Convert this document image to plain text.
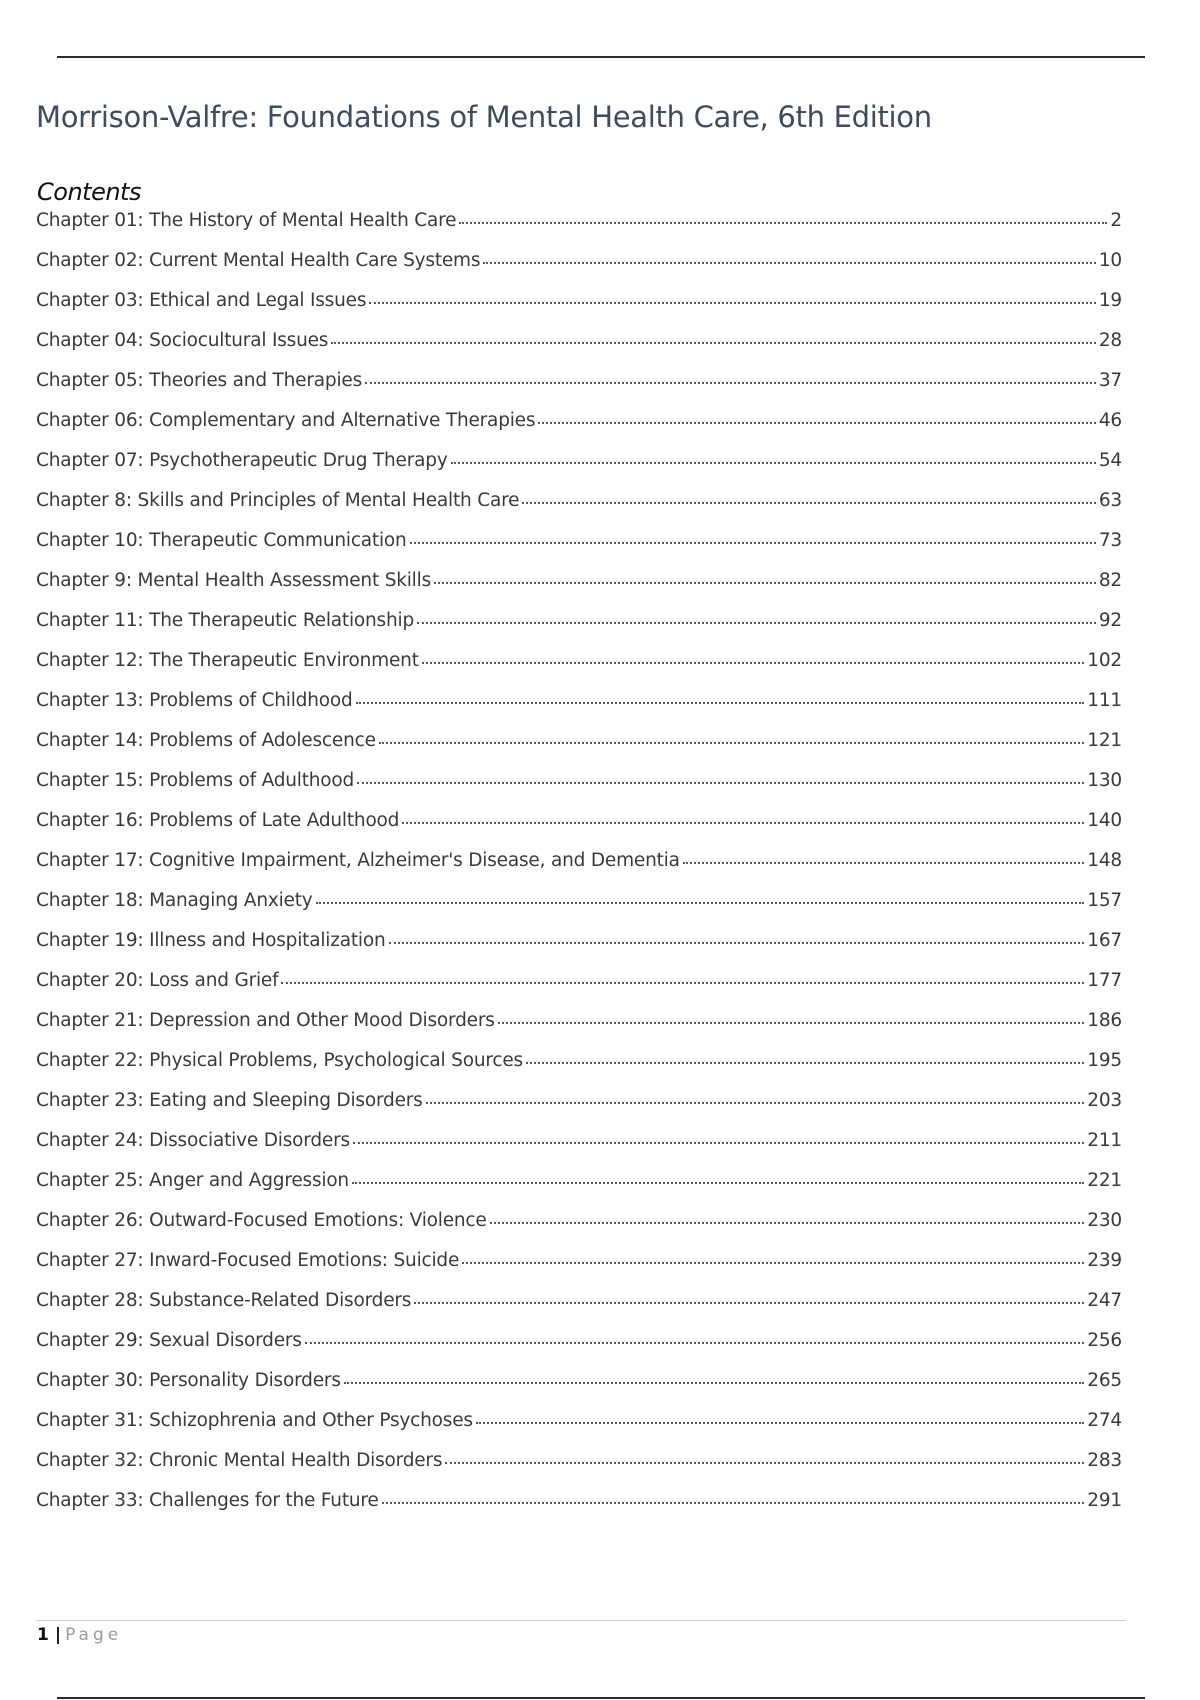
Morrison-Valfre: Foundations of Mental Health Care, 6th Edition
Contents
Chapter 01: The History of Mental Health Care	2
Chapter 02: Current Mental Health Care Systems	10
Chapter 03: Ethical and Legal Issues	19
Chapter 04: Sociocultural Issues	28
Chapter 05: Theories and Therapies	37
Chapter 06: Complementary and Alternative Therapies	46
Chapter 07: Psychotherapeutic Drug Therapy	54
Chapter 8: Skills and Principles of Mental Health Care	63
Chapter 10: Therapeutic Communication	73
Chapter 9: Mental Health Assessment Skills	82
Chapter 11: The Therapeutic Relationship	92
Chapter 12: The Therapeutic Environment	102
Chapter 13: Problems of Childhood	111
Chapter 14: Problems of Adolescence	121
Chapter 15: Problems of Adulthood	130
Chapter 16: Problems of Late Adulthood	140
Chapter 17: Cognitive Impairment, Alzheimer's Disease, and Dementia	148
Chapter 18: Managing Anxiety	157
Chapter 19: Illness and Hospitalization	167
Chapter 20: Loss and Grief	177
Chapter 21: Depression and Other Mood Disorders	186
Chapter 22: Physical Problems, Psychological Sources	195
Chapter 23: Eating and Sleeping Disorders	203
Chapter 24: Dissociative Disorders	211
Chapter 25: Anger and Aggression	221
Chapter 26: Outward-Focused Emotions: Violence	230
Chapter 27: Inward-Focused Emotions: Suicide	239
Chapter 28: Substance-Related Disorders	247
Chapter 29: Sexual Disorders	256
Chapter 30: Personality Disorders	265
Chapter 31: Schizophrenia and Other Psychoses	274
Chapter 32: Chronic Mental Health Disorders	283
Chapter 33: Challenges for the Future	291
1 | Page
